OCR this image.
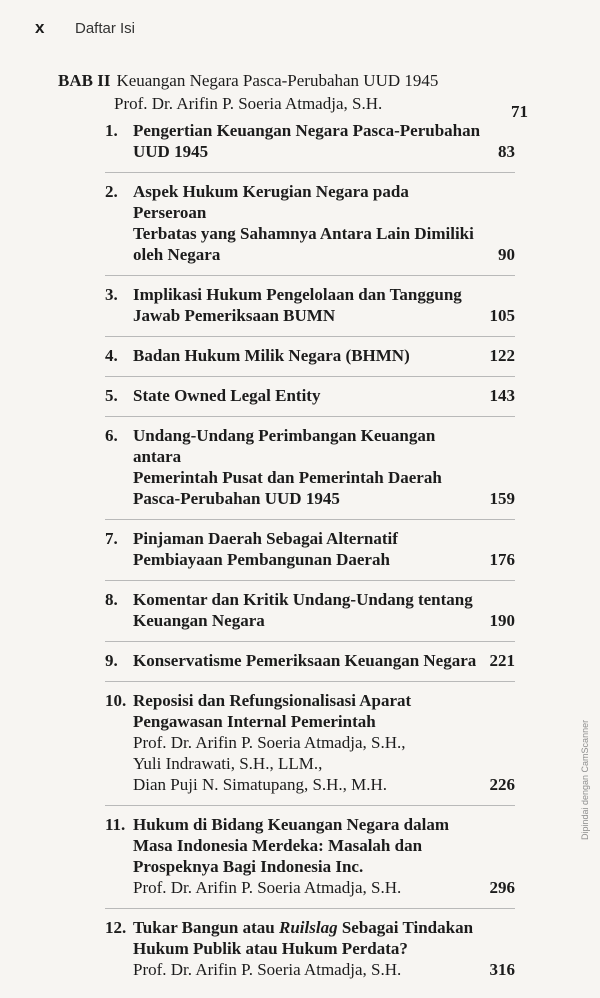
x	Daftar Isi
BAB II Keuangan Negara Pasca-Perubahan UUD 1945
Prof. Dr. Arifin P. Soeria Atmadja, S.H.	71
1. Pengertian Keuangan Negara Pasca-Perubahan
UUD 1945	83
2. Aspek Hukum Kerugian Negara pada Perseroan
Terbatas yang Sahamnya Antara Lain Dimiliki
oleh Negara	90
3. Implikasi Hukum Pengelolaan dan Tanggung
Jawab Pemeriksaan BUMN	105
4. Badan Hukum Milik Negara (BHMN)	122
5. State Owned Legal Entity	143
6. Undang-Undang Perimbangan Keuangan antara
Pemerintah Pusat dan Pemerintah Daerah
Pasca-Perubahan UUD 1945	159
7. Pinjaman Daerah Sebagai Alternatif
Pembiayaan Pembangunan Daerah	176
8. Komentar dan Kritik Undang-Undang tentang
Keuangan Negara	190
9. Konservatisme Pemeriksaan Keuangan Negara 221
10. Reposisi dan Refungsionalisasi Aparat
Pengawasan Internal Pemerintah
Prof. Dr. Arifin P. Soeria Atmadja, S.H.,
Yuli Indrawati, S.H., LLM.,
Dian Puji N. Simatupang, S.H., M.H.	226
11. Hukum di Bidang Keuangan Negara dalam
Masa Indonesia Merdeka: Masalah dan
Prospeknya Bagi Indonesia Inc.
Prof. Dr. Arifin P. Soeria Atmadja, S.H.	296
12. Tukar Bangun atau Ruilslag Sebagai Tindakan
Hukum Publik atau Hukum Perdata?
Prof. Dr. Arifin P. Soeria Atmadja, S.H.	316
Dipindai dengan CamScanner
